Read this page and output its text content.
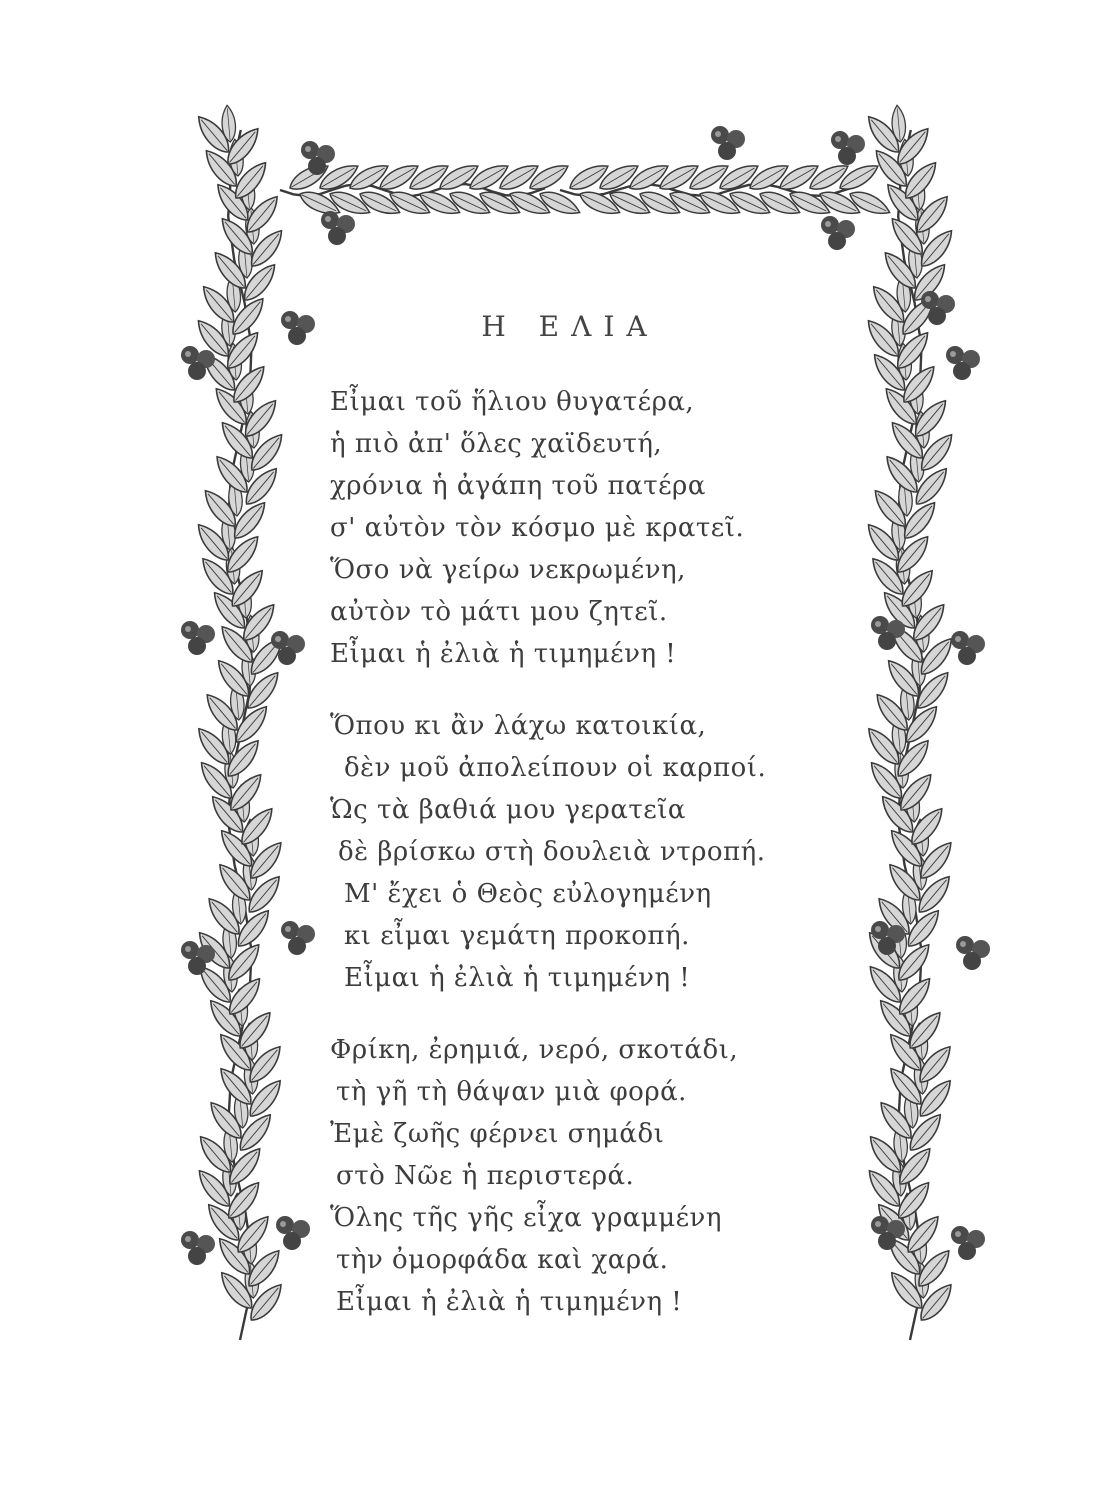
Η ΕΛΙΑ
Εἶμαι τοῦ ἥλιου θυγατέρα,
ἡ πιὸ ἀπ' ὅλες χαϊδευτή,
χρόνια ἡ ἀγάπη τοῦ πατέρα
σ' αὐτὸν τὸν κόσμο μὲ κρατεῖ.
Ὅσο νὰ γείρω νεκρωμένη,
αὐτὸν τὸ μάτι μου ζητεῖ.
Εἶμαι ἡ ἐλιὰ ἡ τιμημένη !
Ὅπου κι ἂν λάχω κατοικία,
δὲν μοῦ ἀπολείπουν οἱ καρποί.
Ὡς τὰ βαθιά μου γερατεῖα
δὲ βρίσκω στὴ δουλειὰ ντροπή.
Μ' ἔχει ὁ Θεὸς εὐλογημένη
κι εἶμαι γεμάτη προκοπή.
Εἶμαι ἡ ἐλιὰ ἡ τιμημένη !
Φρίκη, ἐρημιά, νερό, σκοτάδι,
τὴ γῆ τὴ θάψαν μιὰ φορά.
Ἐμὲ ζωῆς φέρνει σημάδι
στὸ Νῶε ἡ περιστερά.
Ὅλης τῆς γῆς εἶχα γραμμένη
τὴν ὀμορφάδα καὶ χαρά.
Εἶμαι ἡ ἐλιὰ ἡ τιμημένη !
